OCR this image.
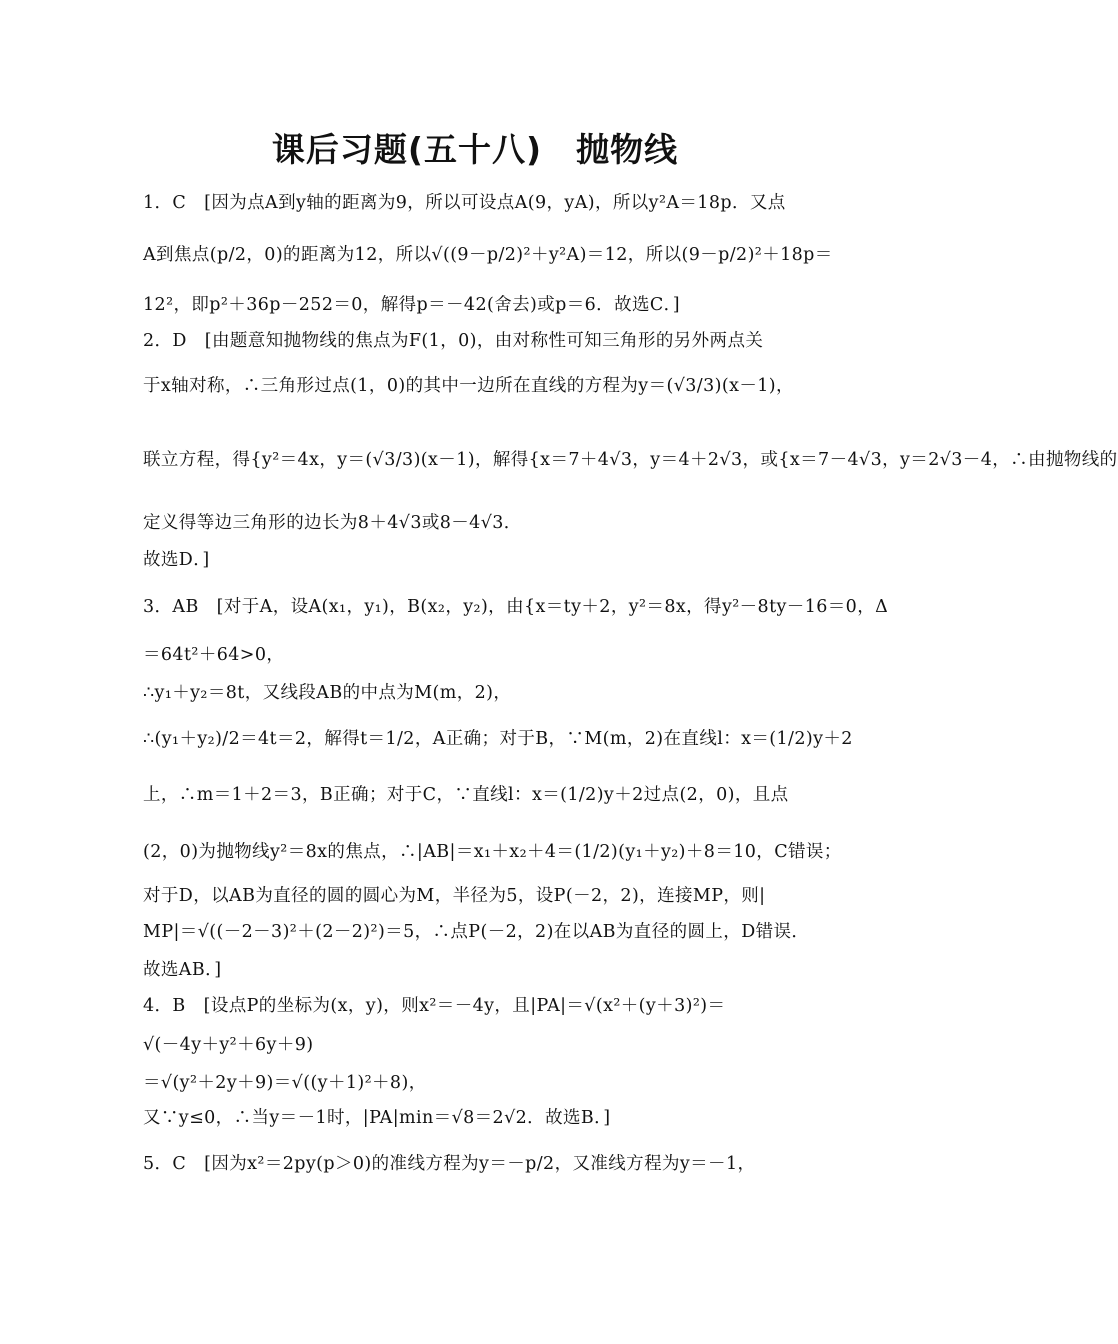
课后习题(五十八)　抛物线
1．C　[因为点A到y轴的距离为9，所以可设点A(9，yA)，所以y²A＝18p．又点
A到焦点(p/2，0)的距离为12，所以√((9－p/2)²＋y²A)＝12，所以(9－p/2)²＋18p＝
12²，即p²＋36p－252＝0，解得p＝－42(舍去)或p＝6．故选C．]
2．D　[由题意知抛物线的焦点为F(1，0)，由对称性可知三角形的另外两点关
于x轴对称，∴三角形过点(1，0)的其中一边所在直线的方程为y＝(√3/3)(x－1)，
联立方程，得{y²＝4x，y＝(√3/3)(x－1)，解得{x＝7＋4√3，y＝4＋2√3，或{x＝7－4√3，y＝2√3－4，∴由抛物线的
定义得等边三角形的边长为8＋4√3或8－4√3．
故选D．]
3．AB　[对于A，设A(x₁，y₁)，B(x₂，y₂)，由{x＝ty＋2，y²＝8x，得y²－8ty－16＝0，Δ
＝64t²＋64>0，
∴y₁＋y₂＝8t，又线段AB的中点为M(m，2)，
∴(y₁＋y₂)/2＝4t＝2，解得t＝1/2，A正确；对于B，∵M(m，2)在直线l：x＝(1/2)y＋2
上，∴m＝1＋2＝3，B正确；对于C，∵直线l：x＝(1/2)y＋2过点(2，0)，且点
(2，0)为抛物线y²＝8x的焦点，∴|AB|＝x₁＋x₂＋4＝(1/2)(y₁＋y₂)＋8＝10，C错误；
对于D，以AB为直径的圆的圆心为M，半径为5，设P(－2，2)，连接MP，则|
MP|＝√((－2－3)²＋(2－2)²)＝5，∴点P(－2，2)在以AB为直径的圆上，D错误．
故选AB．]
4．B　[设点P的坐标为(x，y)，则x²＝－4y，且|PA|＝√(x²＋(y＋3)²)＝
√(－4y＋y²＋6y＋9)
＝√(y²＋2y＋9)＝√((y＋1)²＋8)，
又∵y≤0，∴当y＝－1时，|PA|min＝√8＝2√2．故选B．]
5．C　[因为x²＝2py(p＞0)的准线方程为y＝－p/2，又准线方程为y＝－1，
